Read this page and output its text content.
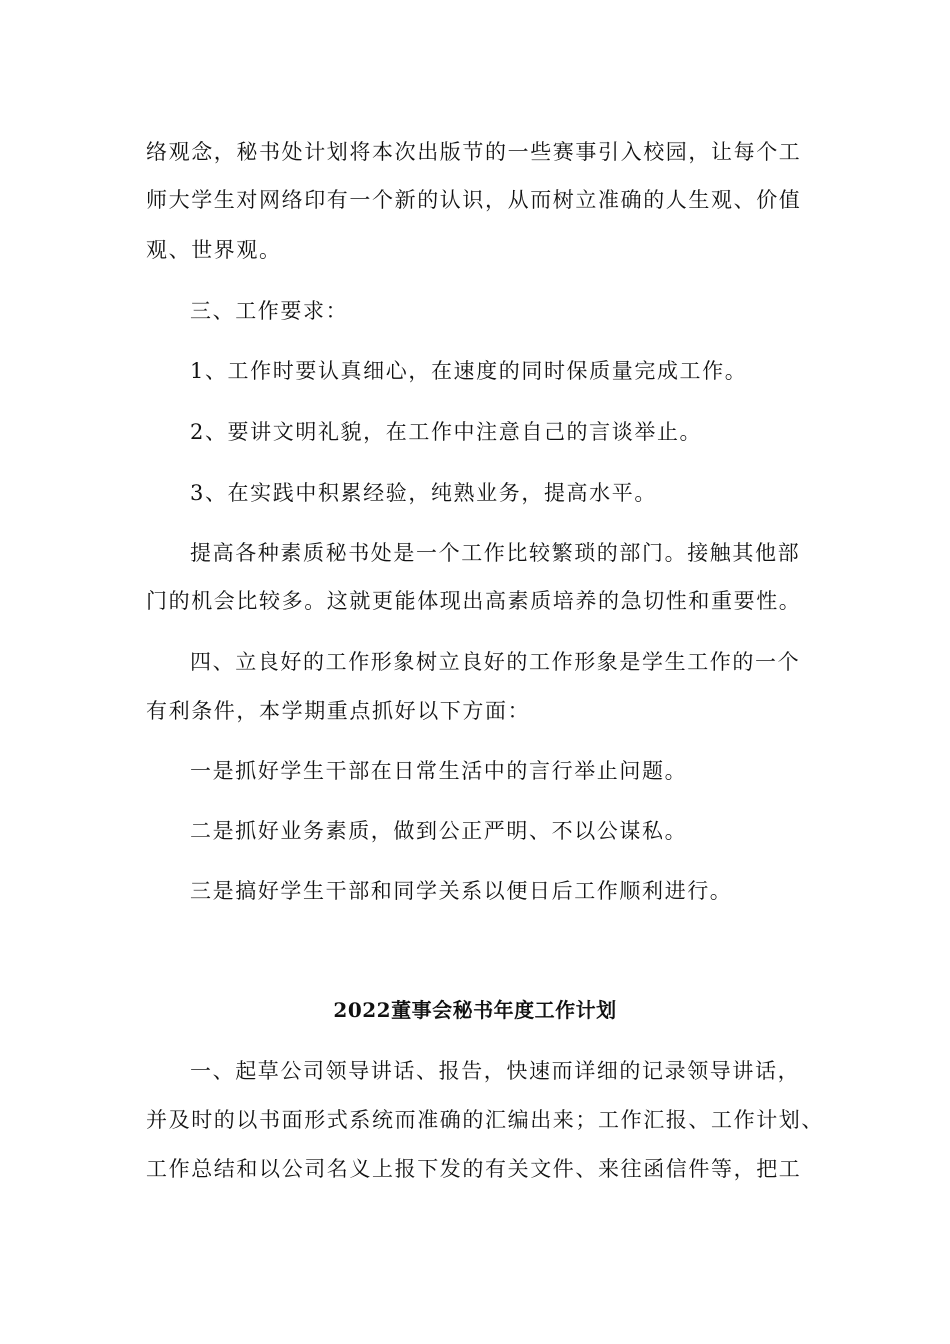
络观念，秘书处计划将本次出版节的一些赛事引入校园，让每个工
师大学生对网络印有一个新的认识，从而树立准确的人生观、价值
观、世界观。
三、工作要求：
1、工作时要认真细心，在速度的同时保质量完成工作。
2、要讲文明礼貌，在工作中注意自己的言谈举止。
3、在实践中积累经验，纯熟业务，提高水平。
提高各种素质秘书处是一个工作比较繁琐的部门。接触其他部
门的机会比较多。这就更能体现出高素质培养的急切性和重要性。
四、立良好的工作形象树立良好的工作形象是学生工作的一个
有利条件，本学期重点抓好以下方面：
一是抓好学生干部在日常生活中的言行举止问题。
二是抓好业务素质，做到公正严明、不以公谋私。
三是搞好学生干部和同学关系以便日后工作顺利进行。
2022董事会秘书年度工作计划
一、起草公司领导讲话、报告，快速而详细的记录领导讲话，
并及时的以书面形式系统而准确的汇编出来；工作汇报、工作计划、
工作总结和以公司名义上报下发的有关文件、来往函信件等，把工
